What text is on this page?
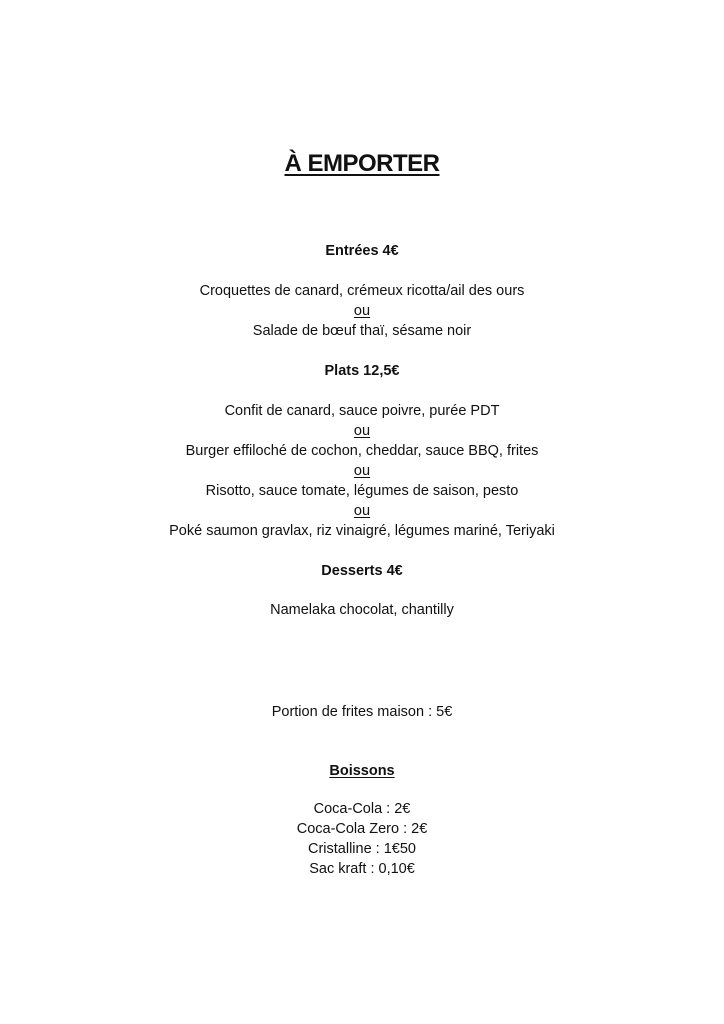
À EMPORTER
Entrées 4€
Croquettes de canard, crémeux ricotta/ail des ours
ou
Salade de bœuf thaï, sésame noir
Plats 12,5€
Confit de canard, sauce poivre, purée PDT
ou
Burger effiloché de cochon, cheddar, sauce BBQ, frites
ou
Risotto, sauce tomate, légumes de saison, pesto
ou
Poké saumon gravlax, riz vinaigré, légumes mariné, Teriyaki
Desserts 4€
Namelaka chocolat, chantilly
Portion de frites maison : 5€
Boissons
Coca-Cola : 2€
Coca-Cola Zero : 2€
Cristalline : 1€50
Sac kraft : 0,10€
